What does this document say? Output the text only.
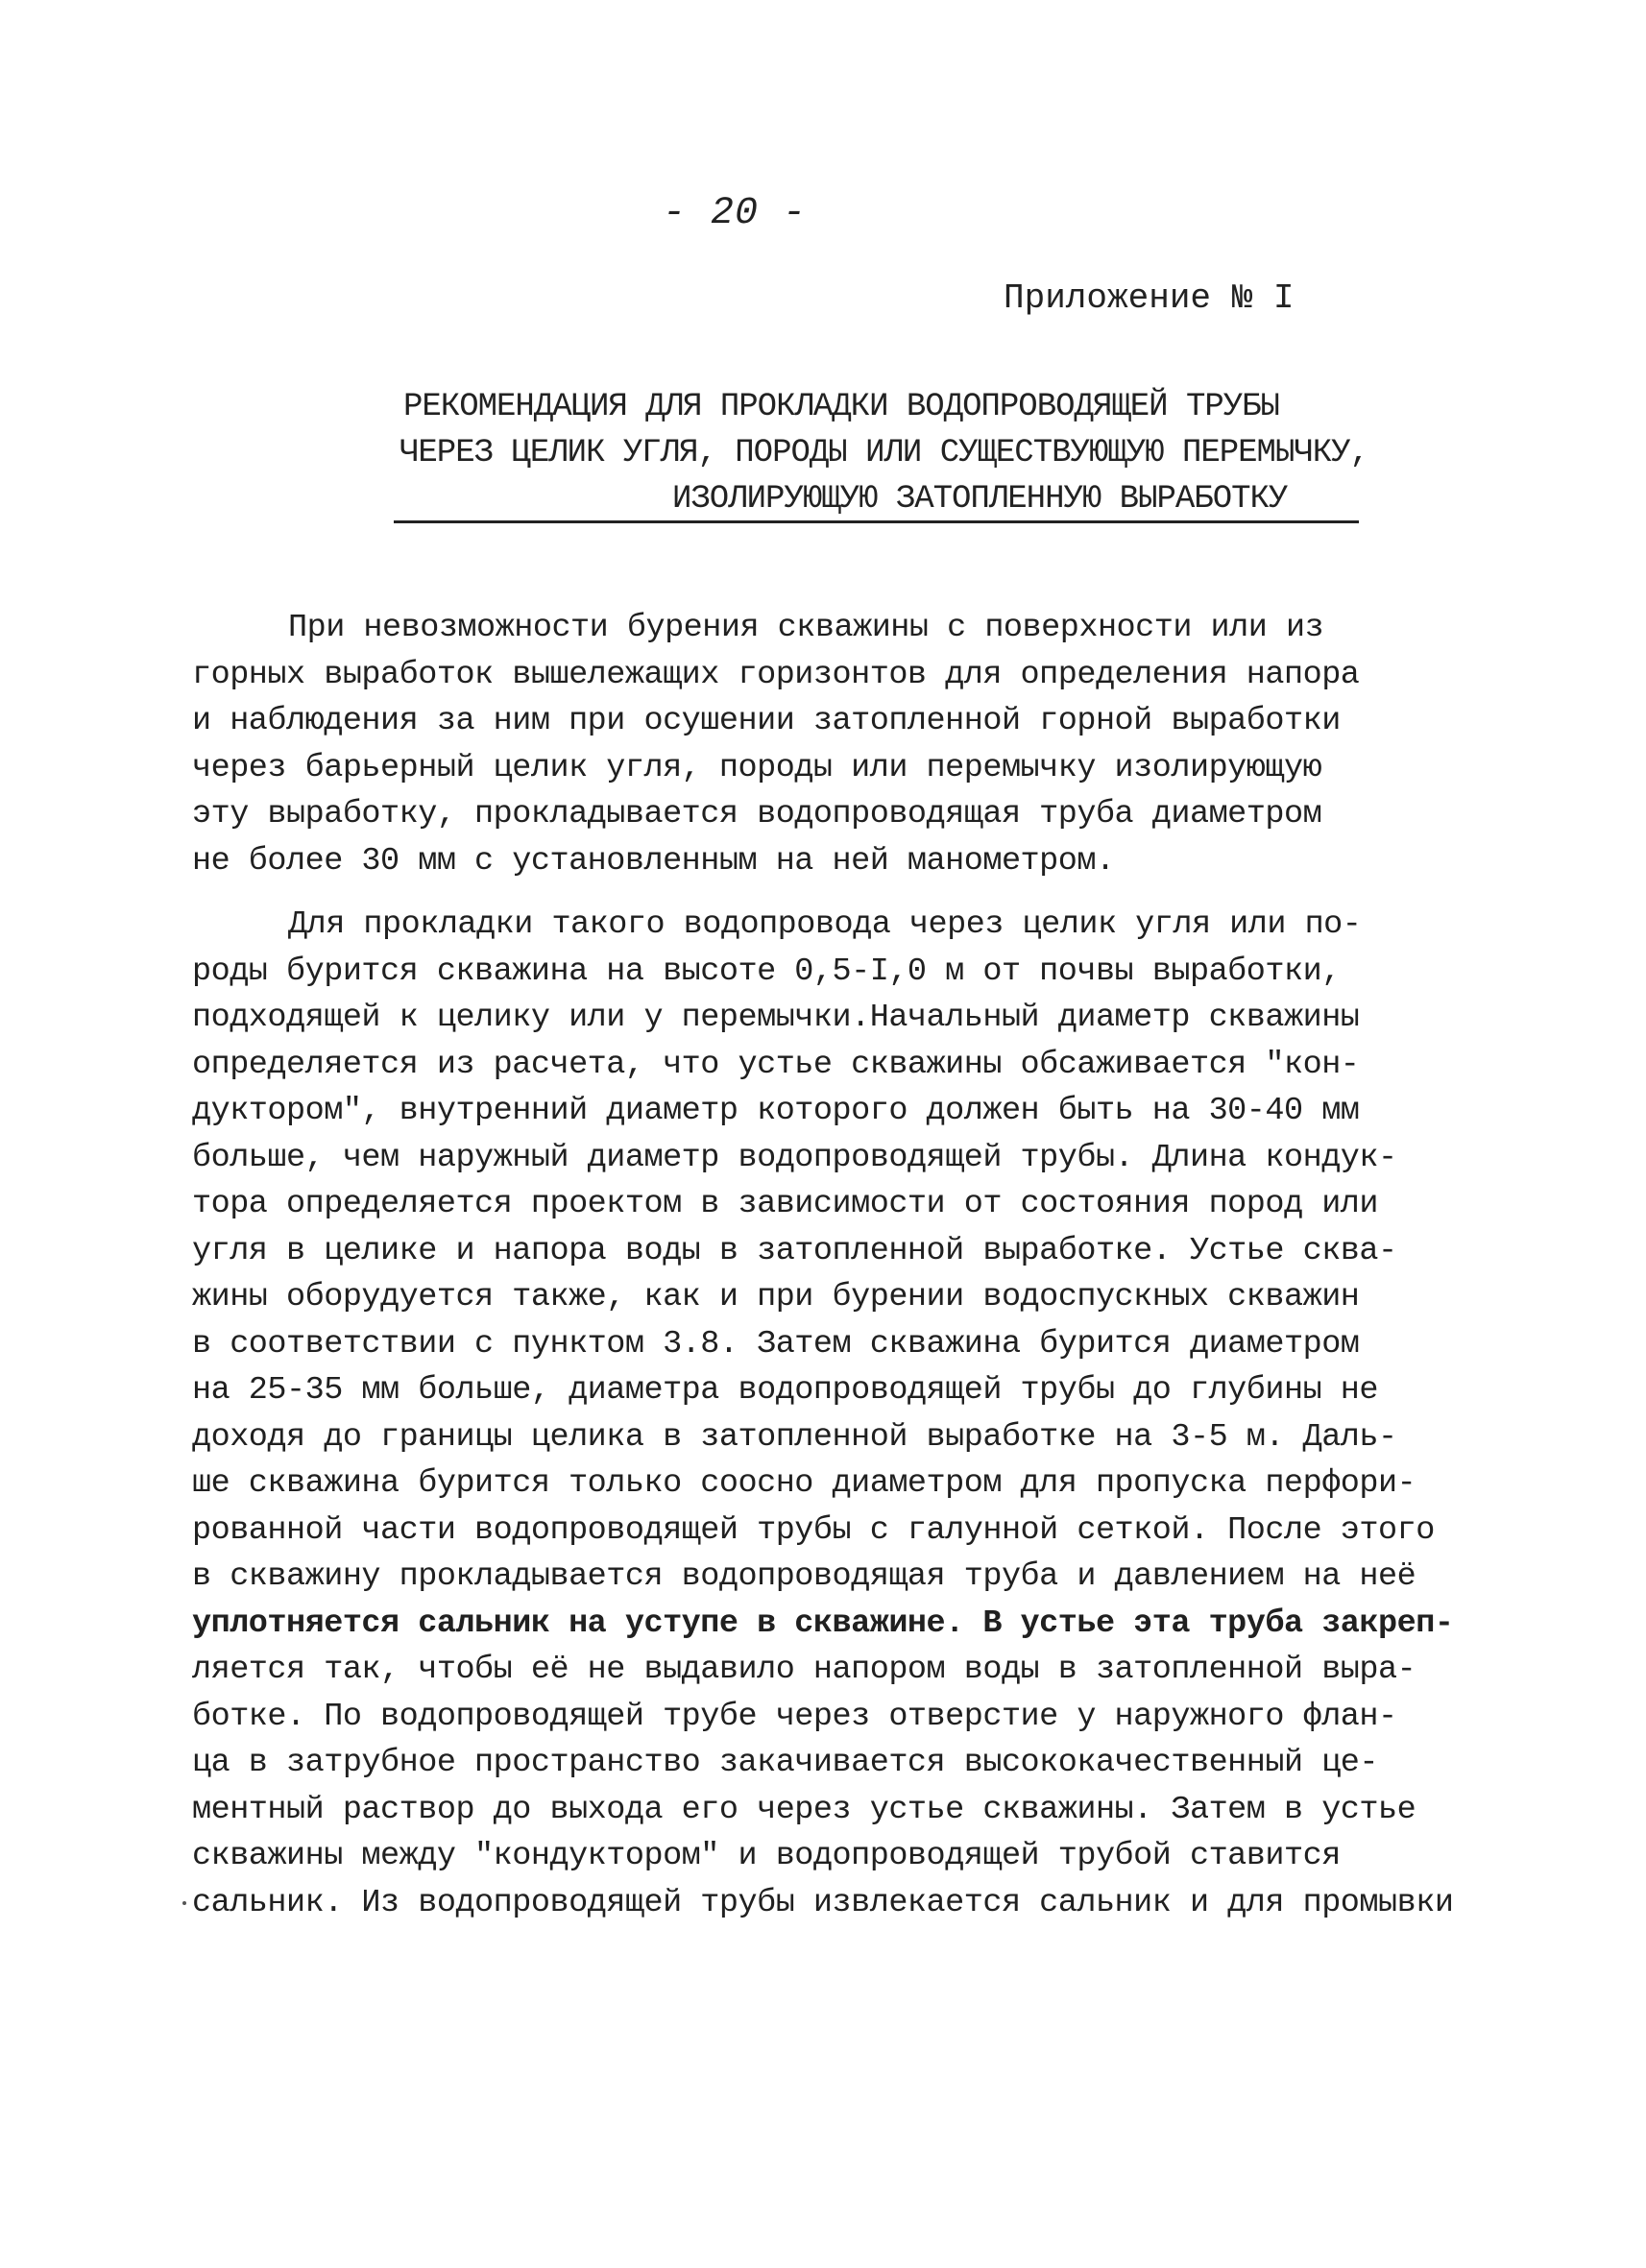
- 20 -
Приложение № I
РЕКОМЕНДАЦИЯ ДЛЯ ПРОКЛАДКИ ВОДОПРОВОДЯЩЕЙ ТРУБЫ
ЧЕРЕЗ ЦЕЛИК УГЛЯ, ПОРОДЫ ИЛИ СУЩЕСТВУЮЩУЮ ПЕРЕМЫЧКУ,
ИЗОЛИРУЮЩУЮ ЗАТОПЛЕННУЮ ВЫРАБОТКУ
При невозможности бурения скважины с поверхности или из
горных выработок вышележащих горизонтов для определения напора
и наблюдения за ним при осушении затопленной горной выработки
через барьерный целик угля, породы или перемычку изолирующую
эту выработку, прокладывается водопроводящая труба диаметром
не более 30 мм с установленным на ней манометром.
Для прокладки такого водопровода через целик угля или по-
роды бурится скважина на высоте 0,5-I,0 м от почвы выработки,
подходящей к целику или у перемычки.Начальный диаметр скважины
определяется из расчета, что устье скважины обсаживается "кон-
дуктором", внутренний диаметр которого должен быть на 30-40 мм
больше, чем наружный диаметр водопроводящей трубы. Длина кондук-
тора определяется проектом в зависимости от состояния пород или
угля в целике и напора воды в затопленной выработке. Устье сква-
жины оборудуется также, как и при бурении водоспускных скважин
в соответствии с пунктом 3.8. Затем скважина бурится диаметром
на 25-35 мм больше, диаметра водопроводящей трубы до глубины не
доходя до границы целика в затопленной выработке на 3-5 м. Даль-
ше скважина бурится только соосно диаметром для пропуска перфори-
рованной части водопроводящей трубы с галунной сеткой. После этого
в скважину прокладывается водопроводящая труба и давлением на неё
уплотняется сальник на уступе в скважине. В устье эта труба закреп-
ляется так, чтобы её не выдавило напором воды в затопленной выра-
ботке. По водопроводящей трубе через отверстие у наружного флан-
ца в затрубное пространство закачивается высококачественный це-
ментный раствор до выхода его через устье скважины. Затем в устье
скважины между "кондуктором" и водопроводящей трубой ставится
сальник. Из водопроводящей трубы извлекается сальник и для промывки
